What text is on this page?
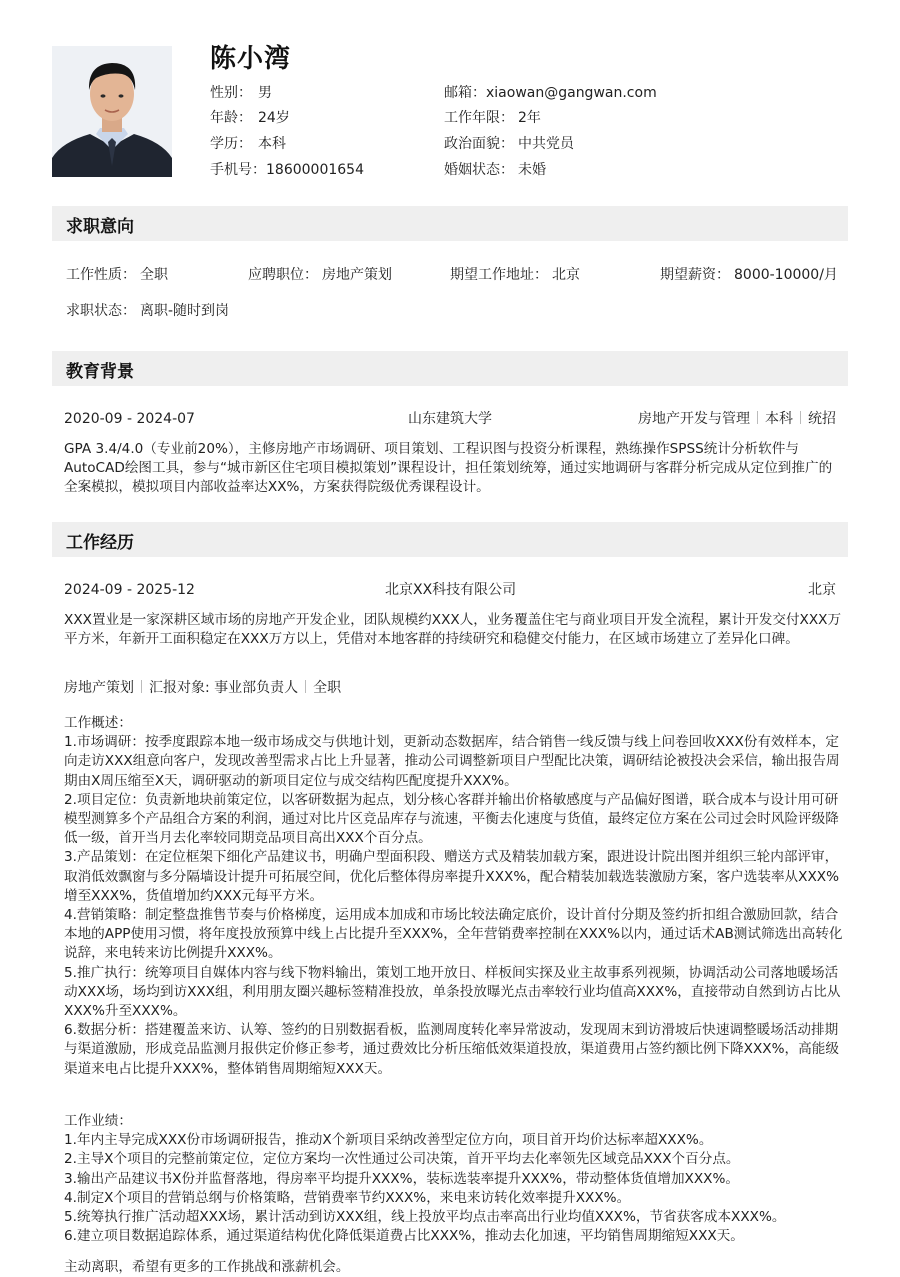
陈小湾
性别： 男
年龄： 24岁
学历： 本科
手机号：18600001654
邮箱：xiaowan@gangwan.com
工作年限： 2年
政治面貌： 中共党员
婚姻状态： 未婚
求职意向
工作性质： 全职	应聘职位： 房地产策划	期望工作地址： 北京	期望薪资： 8000-10000/月
求职状态： 离职-随时到岗
教育背景
2020-09 - 2024-07	山东建筑大学	房地产开发与管理 本科 统招
GPA 3.4/4.0（专业前20%），主修房地产市场调研、项目策划、工程识图与投资分析课程，熟练操作SPSS统计分析软件与AutoCAD绘图工具，参与“城市新区住宅项目模拟策划”课程设计，担任策划统筹，通过实地调研与客群分析完成从定位到推广的全案模拟，模拟项目内部收益率达XX%，方案获得院级优秀课程设计。
工作经历
2024-09 - 2025-12	北京XX科技有限公司	北京
XXX置业是一家深耕区域市场的房地产开发企业，团队规模约XXX人，业务覆盖住宅与商业项目开发全流程，累计开发交付XXX万平方米，年新开工面积稳定在XXX万方以上，凭借对本地客群的持续研究和稳健交付能力，在区域市场建立了差异化口碑。
房地产策划 汇报对象: 事业部负责人 全职

工作概述：

1.市场调研：按季度跟踪本地一级市场成交与供地计划，更新动态数据库，结合销售一线反馈与线上问卷回收XXX份有效样本，定向走访XXX组意向客户，发现改善型需求占比上升显著，推动公司调整新项目户型配比决策，调研结论被投决会采信，输出报告周期由X周压缩至X天，调研驱动的新项目定位与成交结构匹配度提升XXX%。

2.项目定位：负责新地块前策定位，以客研数据为起点，划分核心客群并输出价格敏感度与产品偏好图谱，联合成本与设计用可研模型测算多个产品组合方案的利润，通过对比片区竞品库存与流速，平衡去化速度与货值，最终定位方案在公司过会时风险评级降低一级，首开当月去化率较同期竞品项目高出XXX个百分点。

3.产品策划：在定位框架下细化产品建议书，明确户型面积段、赠送方式及精装加载方案，跟进设计院出图并组织三轮内部评审，取消低效飘窗与多分隔墙设计提升可拓展空间，优化后整体得房率提升XXX%，配合精装加载选装激励方案，客户选装率从XXX%增至XXX%，货值增加约XXX元每平方米。

4.营销策略：制定整盘推售节奏与价格梯度，运用成本加成和市场比较法确定底价，设计首付分期及签约折扣组合激励回款，结合本地的APP使用习惯，将年度投放预算中线上占比提升至XXX%，全年营销费率控制在XXX%以内，通过话术AB测试筛选出高转化说辞，来电转来访比例提升XXX%。

5.推广执行：统筹项目自媒体内容与线下物料输出，策划工地开放日、样板间实探及业主故事系列视频，协调活动公司落地暖场活动XXX场，场均到访XXX组，利用朋友圈兴趣标签精准投放，单条投放曝光点击率较行业均值高XXX%，直接带动自然到访占比从XXX%升至XXX%。

6.数据分析：搭建覆盖来访、认筹、签约的日别数据看板，监测周度转化率异常波动，发现周末到访滑坡后快速调整暖场活动排期与渠道激励，形成竞品监测月报供定价修正参考，通过费效比分析压缩低效渠道投放，渠道费用占签约额比例下降XXX%，高能级渠道来电占比提升XXX%，整体销售周期缩短XXX天。

工作业绩：

1.年内主导完成XXX份市场调研报告，推动X个新项目采纳改善型定位方向，项目首开均价达标率超XXX%。

2.主导X个项目的完整前策定位，定位方案均一次性通过公司决策，首开平均去化率领先区域竞品XXX个百分点。

3.输出产品建议书X份并监督落地，得房率平均提升XXX%，装标选装率提升XXX%，带动整体货值增加XXX%。

4.制定X个项目的营销总纲与价格策略，营销费率节约XXX%，来电来访转化效率提升XXX%。

5.统筹执行推广活动超XXX场，累计活动到访XXX组，线上投放平均点击率高出行业均值XXX%，节省获客成本XXX%。

6.建立项目数据追踪体系，通过渠道结构优化降低渠道费占比XXX%，推动去化加速，平均销售周期缩短XXX天。

主动离职，希望有更多的工作挑战和涨薪机会。
